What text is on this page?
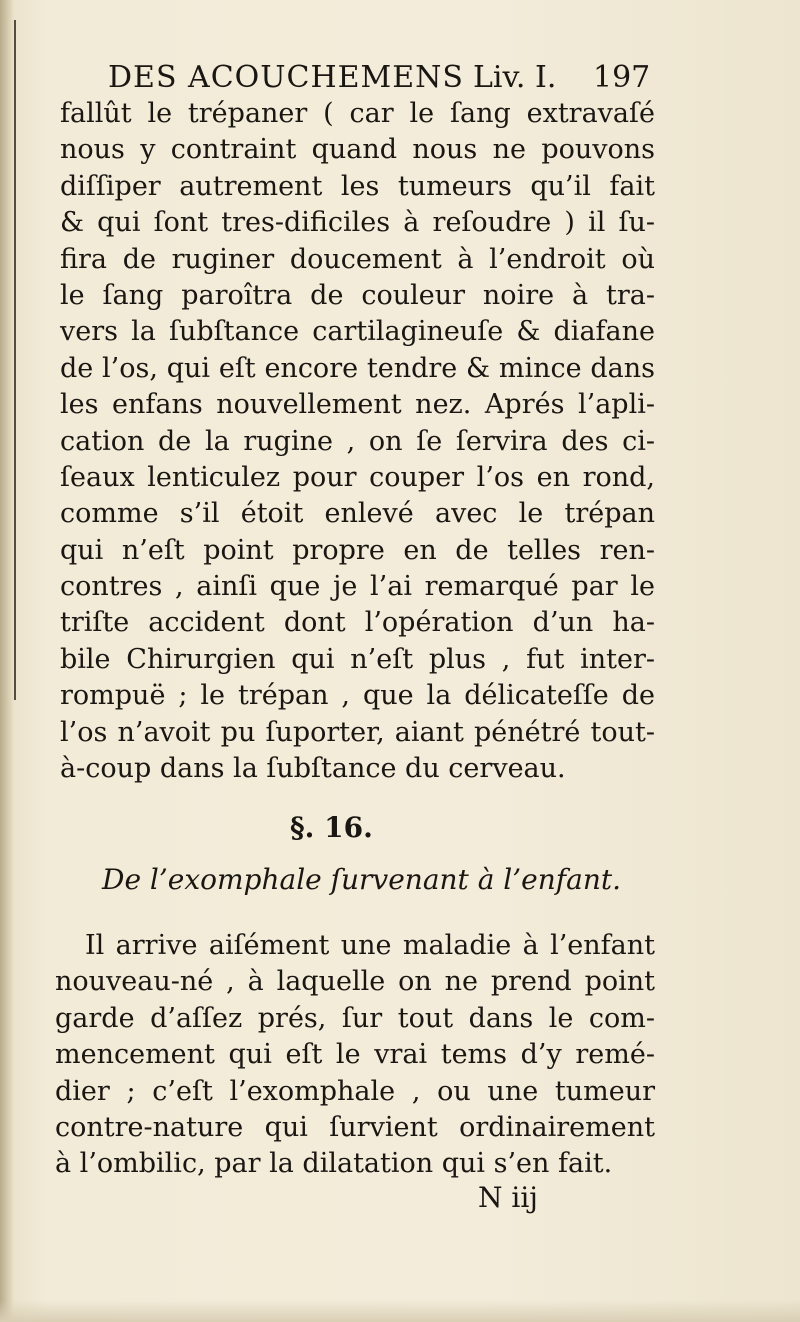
DES ACOUCHEMENS Liv. I. 197
fallût le trépaner ( car le ſang extravaſé
nous y contraint quand nous ne pouvons
diſſiper autrement les tumeurs qu’il fait
& qui ſont tres-dificiles à reſoudre ) il ſu-
fira de ruginer doucement à l’endroit où
le ſang paroîtra de couleur noire à tra-
vers la ſubſtance cartilagineuſe & diafane
de l’os, qui eſt encore tendre & mince dans
les enfans nouvellement nez. Aprés l’apli-
cation de la rugine , on ſe ſervira des ci-
ſeaux lenticulez pour couper l’os en rond,
comme s’il étoit enlevé avec le trépan
qui n’eſt point propre en de telles ren-
contres , ainſi que je l’ai remarqué par le
triſte accident dont l’opération d’un ha-
bile Chirurgien qui n’eſt plus , fut inter-
rompuë ; le trépan , que la délicateſſe de
l’os n’avoit pu ſuporter, aiant pénétré tout-
à-coup dans la ſubſtance du cerveau.
§. 16.
De l’exomphale ſurvenant à l’enfant.
Il arrive aiſément une maladie à l’enfant
nouveau-né , à laquelle on ne prend point
garde d’aſſez prés, ſur tout dans le com-
mencement qui eſt le vrai tems d’y remé-
dier ; c’eſt l’exomphale , ou une tumeur
contre-nature qui ſurvient ordinairement
à l’ombilic, par la dilatation qui s’en fait.
N iij
